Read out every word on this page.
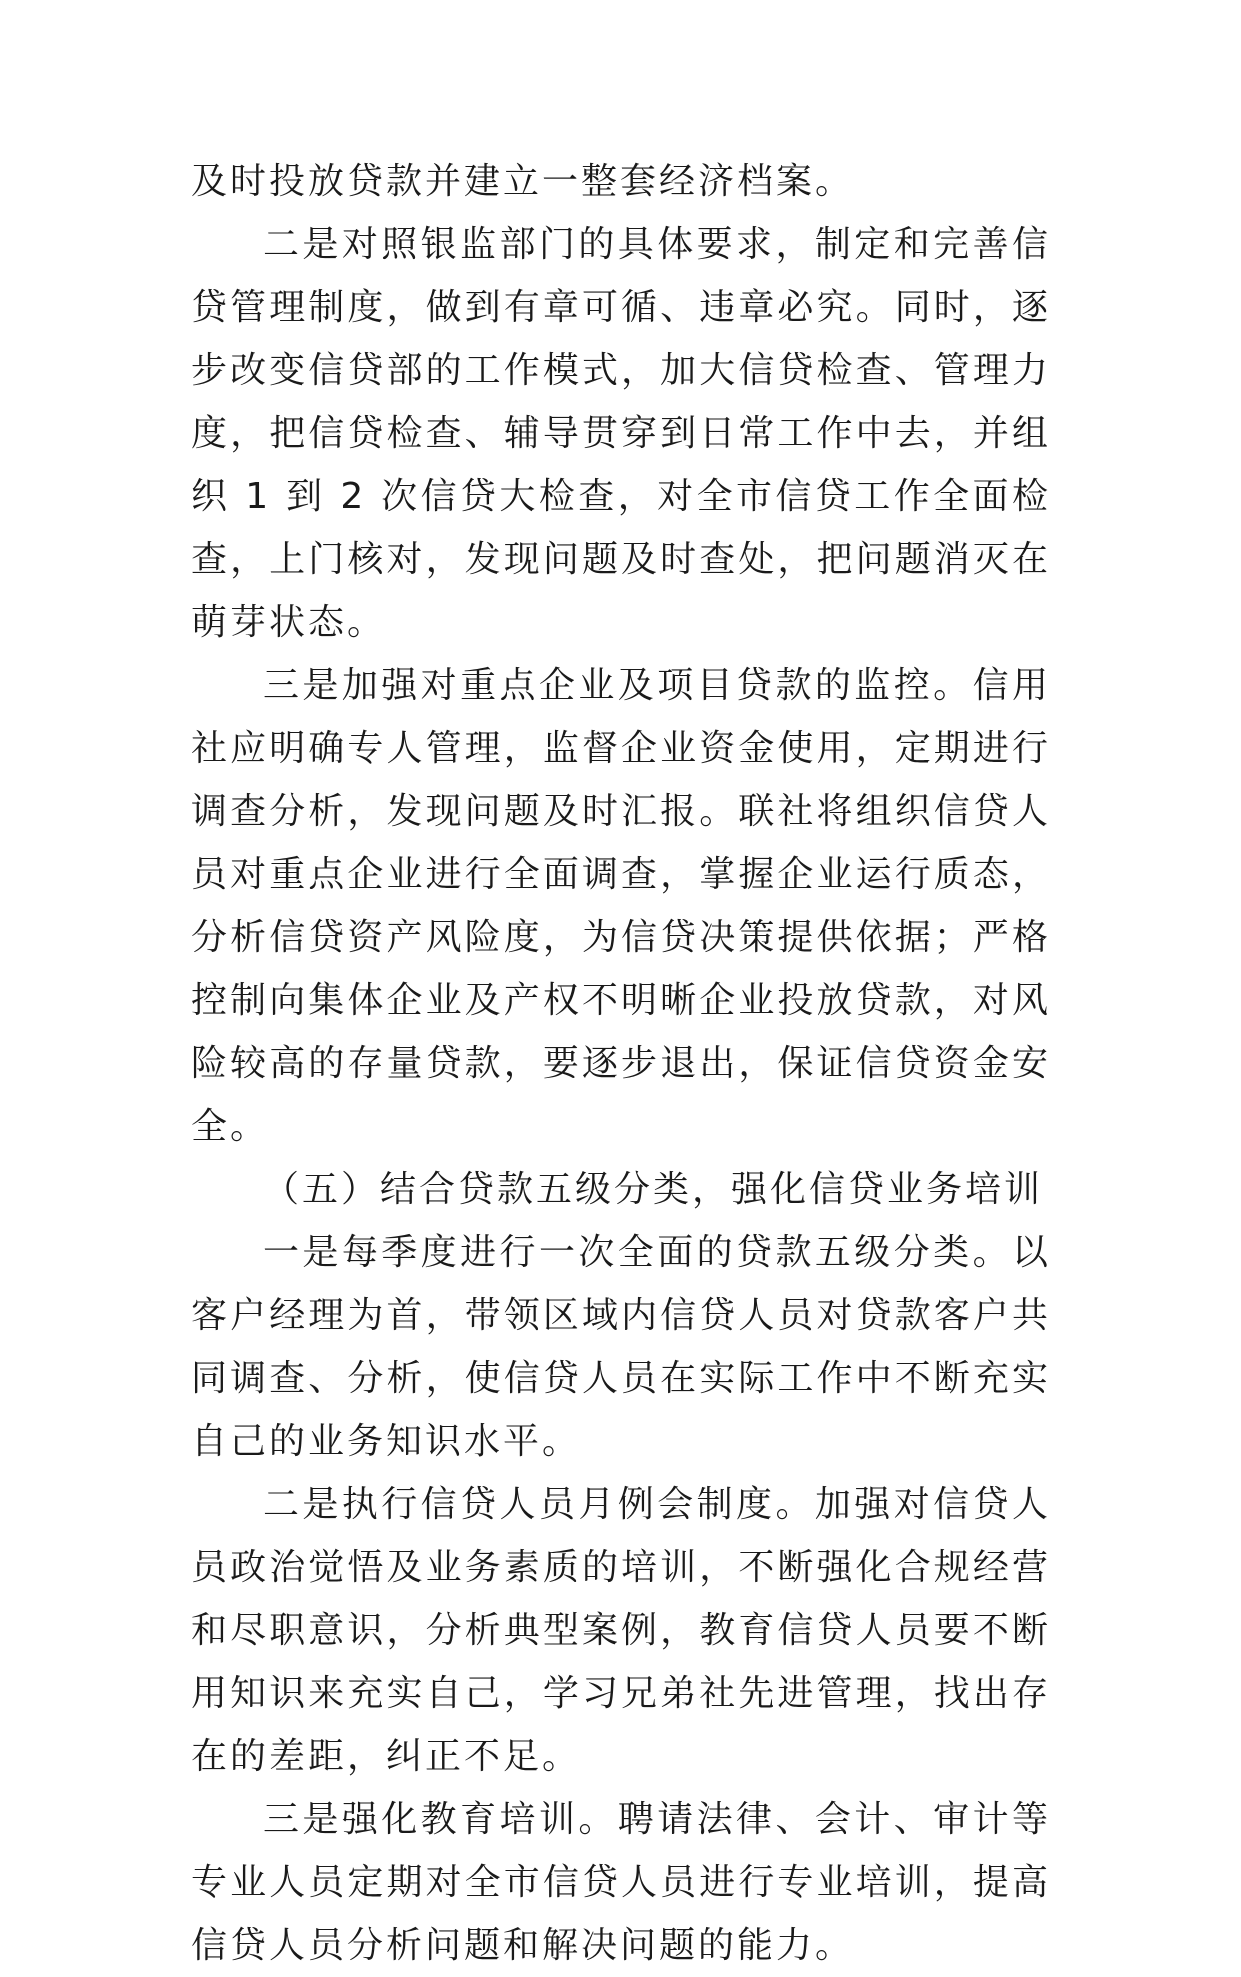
及时投放贷款并建立一整套经济档案。

二是对照银监部门的具体要求，制定和完善信贷管理制度，做到有章可循、违章必究。同时，逐步改变信贷部的工作模式，加大信贷检查、管理力度，把信贷检查、辅导贯穿到日常工作中去，并组织 1 到 2 次信贷大检查，对全市信贷工作全面检查，上门核对，发现问题及时查处，把问题消灭在萌芽状态。

三是加强对重点企业及项目贷款的监控。信用社应明确专人管理，监督企业资金使用，定期进行调查分析，发现问题及时汇报。联社将组织信贷人员对重点企业进行全面调查，掌握企业运行质态，分析信贷资产风险度，为信贷决策提供依据；严格控制向集体企业及产权不明晰企业投放贷款，对风险较高的存量贷款，要逐步退出，保证信贷资金安全。

（五）结合贷款五级分类，强化信贷业务培训

一是每季度进行一次全面的贷款五级分类。以客户经理为首，带领区域内信贷人员对贷款客户共同调查、分析，使信贷人员在实际工作中不断充实自己的业务知识水平。

二是执行信贷人员月例会制度。加强对信贷人员政治觉悟及业务素质的培训，不断强化合规经营和尽职意识，分析典型案例，教育信贷人员要不断用知识来充实自己，学习兄弟社先进管理，找出存在的差距，纠正不足。

三是强化教育培训。聘请法律、会计、审计等专业人员定期对全市信贷人员进行专业培训，提高信贷人员分析问题和解决问题的能力。
